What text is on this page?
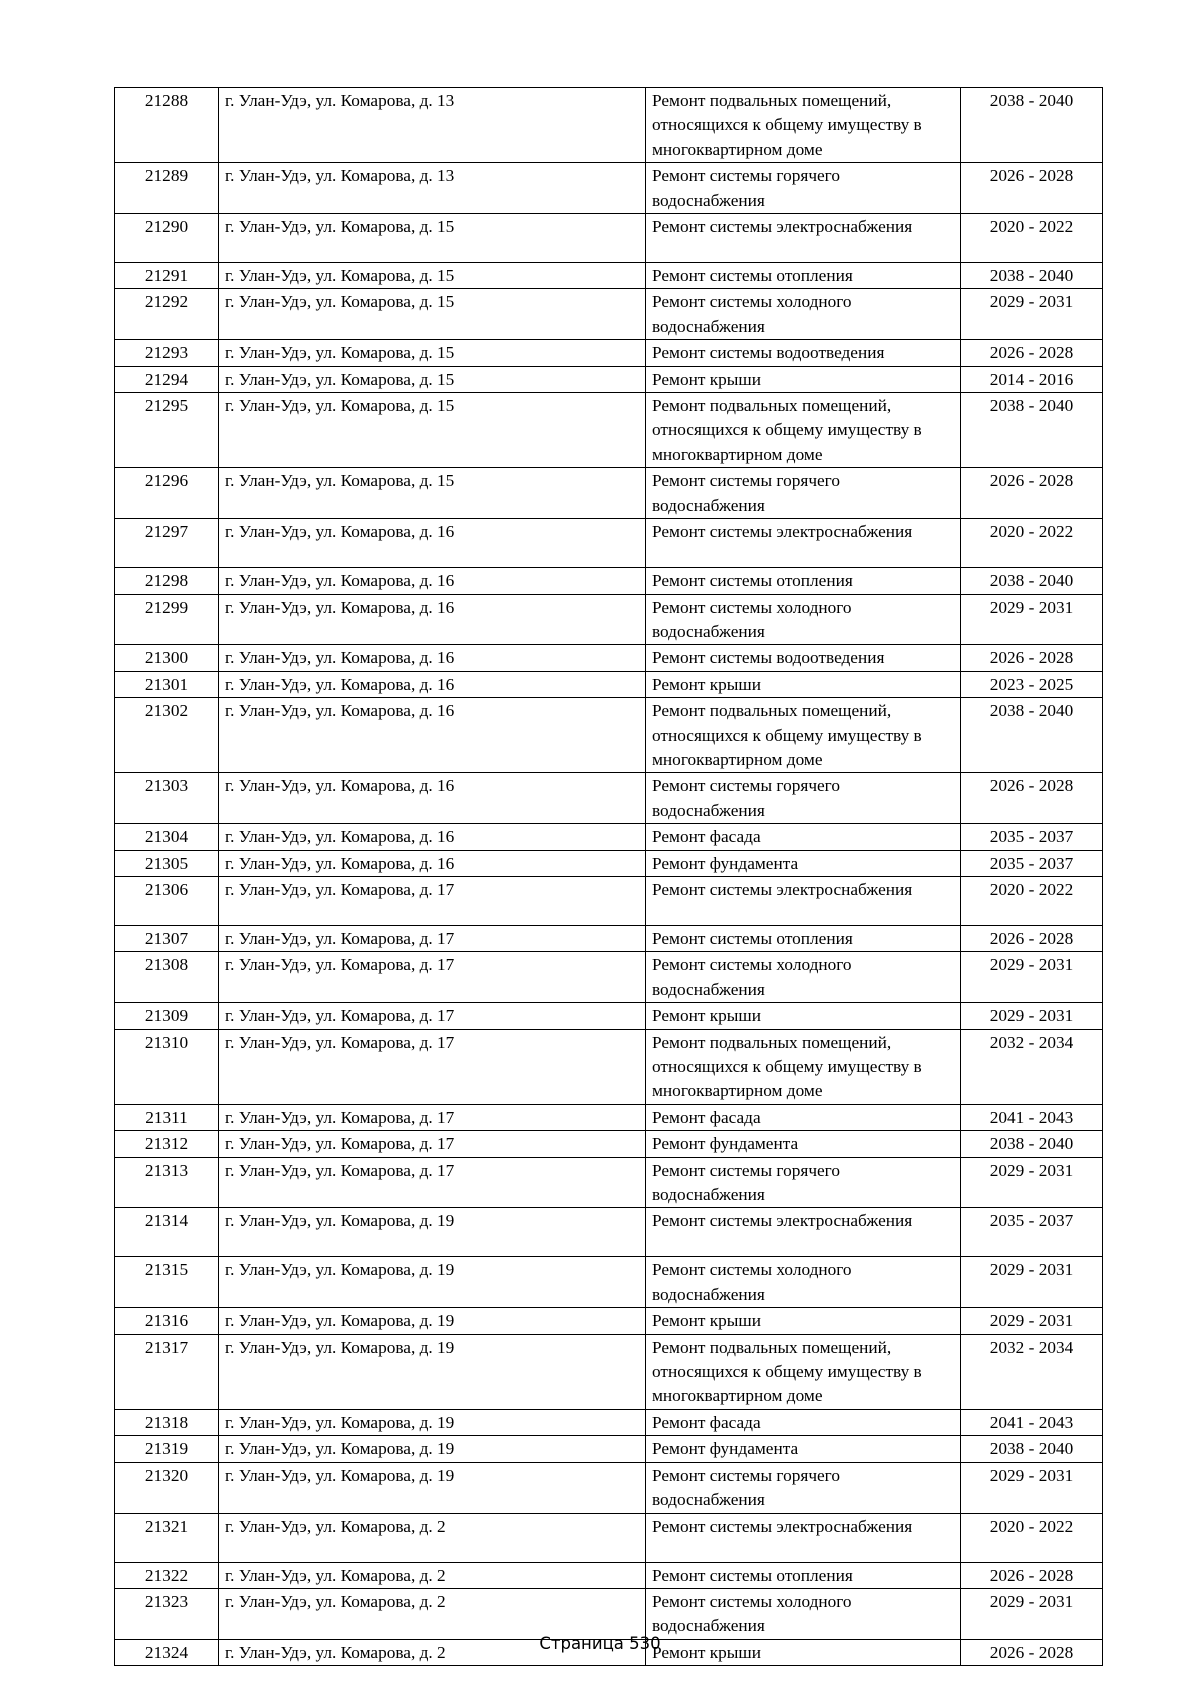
21288	г. Улан-Удэ, ул. Комарова, д. 13	Ремонт подвальных помещений, относящихся к общему имуществу в многоквартирном доме	2038 - 2040
21289	г. Улан-Удэ, ул. Комарова, д. 13	Ремонт системы горячего водоснабжения	2026 - 2028
21290	г. Улан-Удэ, ул. Комарова, д. 15	Ремонт системы электроснабжения	2020 - 2022
21291	г. Улан-Удэ, ул. Комарова, д. 15	Ремонт системы отопления	2038 - 2040
21292	г. Улан-Удэ, ул. Комарова, д. 15	Ремонт системы холодного водоснабжения	2029 - 2031
21293	г. Улан-Удэ, ул. Комарова, д. 15	Ремонт системы водоотведения	2026 - 2028
21294	г. Улан-Удэ, ул. Комарова, д. 15	Ремонт крыши	2014 - 2016
21295	г. Улан-Удэ, ул. Комарова, д. 15	Ремонт подвальных помещений, относящихся к общему имуществу в многоквартирном доме	2038 - 2040
21296	г. Улан-Удэ, ул. Комарова, д. 15	Ремонт системы горячего водоснабжения	2026 - 2028
21297	г. Улан-Удэ, ул. Комарова, д. 16	Ремонт системы электроснабжения	2020 - 2022
21298	г. Улан-Удэ, ул. Комарова, д. 16	Ремонт системы отопления	2038 - 2040
21299	г. Улан-Удэ, ул. Комарова, д. 16	Ремонт системы холодного водоснабжения	2029 - 2031
21300	г. Улан-Удэ, ул. Комарова, д. 16	Ремонт системы водоотведения	2026 - 2028
21301	г. Улан-Удэ, ул. Комарова, д. 16	Ремонт крыши	2023 - 2025
21302	г. Улан-Удэ, ул. Комарова, д. 16	Ремонт подвальных помещений, относящихся к общему имуществу в многоквартирном доме	2038 - 2040
21303	г. Улан-Удэ, ул. Комарова, д. 16	Ремонт системы горячего водоснабжения	2026 - 2028
21304	г. Улан-Удэ, ул. Комарова, д. 16	Ремонт фасада	2035 - 2037
21305	г. Улан-Удэ, ул. Комарова, д. 16	Ремонт фундамента	2035 - 2037
21306	г. Улан-Удэ, ул. Комарова, д. 17	Ремонт системы электроснабжения	2020 - 2022
21307	г. Улан-Удэ, ул. Комарова, д. 17	Ремонт системы отопления	2026 - 2028
21308	г. Улан-Удэ, ул. Комарова, д. 17	Ремонт системы холодного водоснабжения	2029 - 2031
21309	г. Улан-Удэ, ул. Комарова, д. 17	Ремонт крыши	2029 - 2031
21310	г. Улан-Удэ, ул. Комарова, д. 17	Ремонт подвальных помещений, относящихся к общему имуществу в многоквартирном доме	2032 - 2034
21311	г. Улан-Удэ, ул. Комарова, д. 17	Ремонт фасада	2041 - 2043
21312	г. Улан-Удэ, ул. Комарова, д. 17	Ремонт фундамента	2038 - 2040
21313	г. Улан-Удэ, ул. Комарова, д. 17	Ремонт системы горячего водоснабжения	2029 - 2031
21314	г. Улан-Удэ, ул. Комарова, д. 19	Ремонт системы электроснабжения	2035 - 2037
21315	г. Улан-Удэ, ул. Комарова, д. 19	Ремонт системы холодного водоснабжения	2029 - 2031
21316	г. Улан-Удэ, ул. Комарова, д. 19	Ремонт крыши	2029 - 2031
21317	г. Улан-Удэ, ул. Комарова, д. 19	Ремонт подвальных помещений, относящихся к общему имуществу в многоквартирном доме	2032 - 2034
21318	г. Улан-Удэ, ул. Комарова, д. 19	Ремонт фасада	2041 - 2043
21319	г. Улан-Удэ, ул. Комарова, д. 19	Ремонт фундамента	2038 - 2040
21320	г. Улан-Удэ, ул. Комарова, д. 19	Ремонт системы горячего водоснабжения	2029 - 2031
21321	г. Улан-Удэ, ул. Комарова, д. 2	Ремонт системы электроснабжения	2020 - 2022
21322	г. Улан-Удэ, ул. Комарова, д. 2	Ремонт системы отопления	2026 - 2028
21323	г. Улан-Удэ, ул. Комарова, д. 2	Ремонт системы холодного водоснабжения	2029 - 2031
21324	г. Улан-Удэ, ул. Комарова, д. 2	Ремонт крыши	2026 - 2028
Страница 530
